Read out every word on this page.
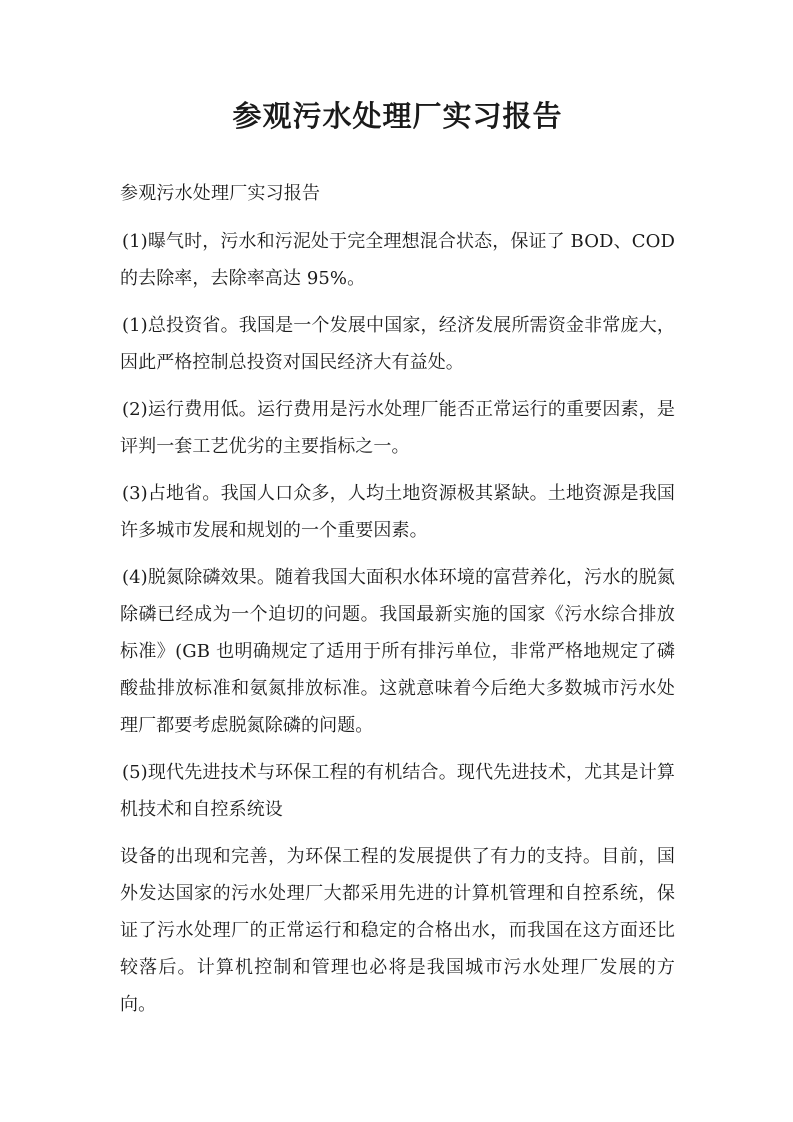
参观污水处理厂实习报告

参观污水处理厂实习报告

(1)曝气时，污水和污泥处于完全理想混合状态，保证了 BOD、COD 的去除率，去除率高达 95%。

(1)总投资省。我国是一个发展中国家，经济发展所需资金非常庞大，因此严格控制总投资对国民经济大有益处。

(2)运行费用低。运行费用是污水处理厂能否正常运行的重要因素，是评判一套工艺优劣的主要指标之一。

(3)占地省。我国人口众多，人均土地资源极其紧缺。土地资源是我国许多城市发展和规划的一个重要因素。

(4)脱氮除磷效果。随着我国大面积水体环境的富营养化，污水的脱氮除磷已经成为一个迫切的问题。我国最新实施的国家《污水综合排放标准》(GB 也明确规定了适用于所有排污单位，非常严格地规定了磷酸盐排放标准和氨氮排放标准。这就意味着今后绝大多数城市污水处理厂都要考虑脱氮除磷的问题。

(5)现代先进技术与环保工程的有机结合。现代先进技术，尤其是计算机技术和自控系统设

设备的出现和完善，为环保工程的发展提供了有力的支持。目前，国外发达国家的污水处理厂大都采用先进的计算机管理和自控系统，保证了污水处理厂的正常运行和稳定的合格出水，而我国在这方面还比较落后。计算机控制和管理也必将是我国城市污水处理厂发展的方向。
